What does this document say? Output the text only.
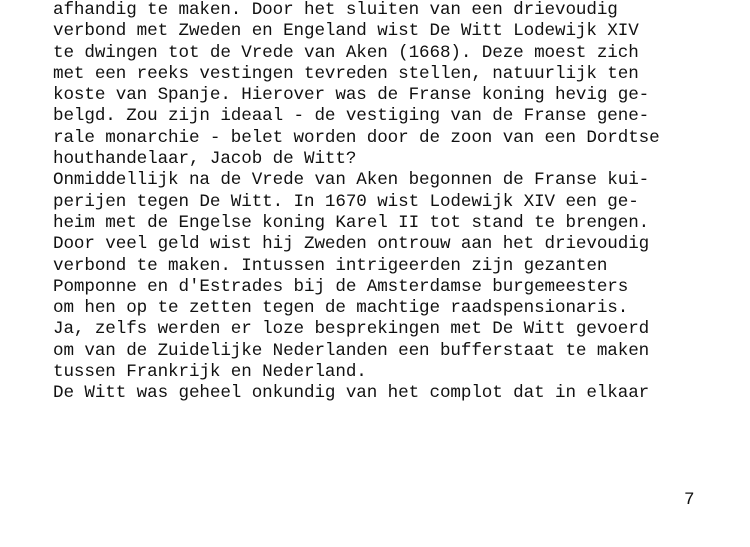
afhandig te maken. Door het sluiten van een drievoudig
verbond met Zweden en Engeland wist De Witt Lodewijk XIV
te dwingen tot de Vrede van Aken (1668). Deze moest zich
met een reeks vestingen tevreden stellen, natuurlijk ten
koste van Spanje. Hierover was de Franse koning hevig ge-
belgd. Zou zijn ideaal - de vestiging van de Franse gene-
rale monarchie - belet worden door de zoon van een Dordtse
houthandelaar, Jacob de Witt?
Onmiddellijk na de Vrede van Aken begonnen de Franse kui-
perijen tegen De Witt. In 1670 wist Lodewijk XIV een ge-
heim met de Engelse koning Karel II tot stand te brengen.
Door veel geld wist hij Zweden ontrouw aan het drievoudig
verbond te maken. Intussen intrigeerden zijn gezanten
Pomponne en d'Estrades bij de Amsterdamse burgemeesters
om hen op te zetten tegen de machtige raadspensionaris.
Ja, zelfs werden er loze besprekingen met De Witt gevoerd
om van de Zuidelijke Nederlanden een bufferstaat te maken
tussen Frankrijk en Nederland.
De Witt was geheel onkundig van het complot dat in elkaar
7
